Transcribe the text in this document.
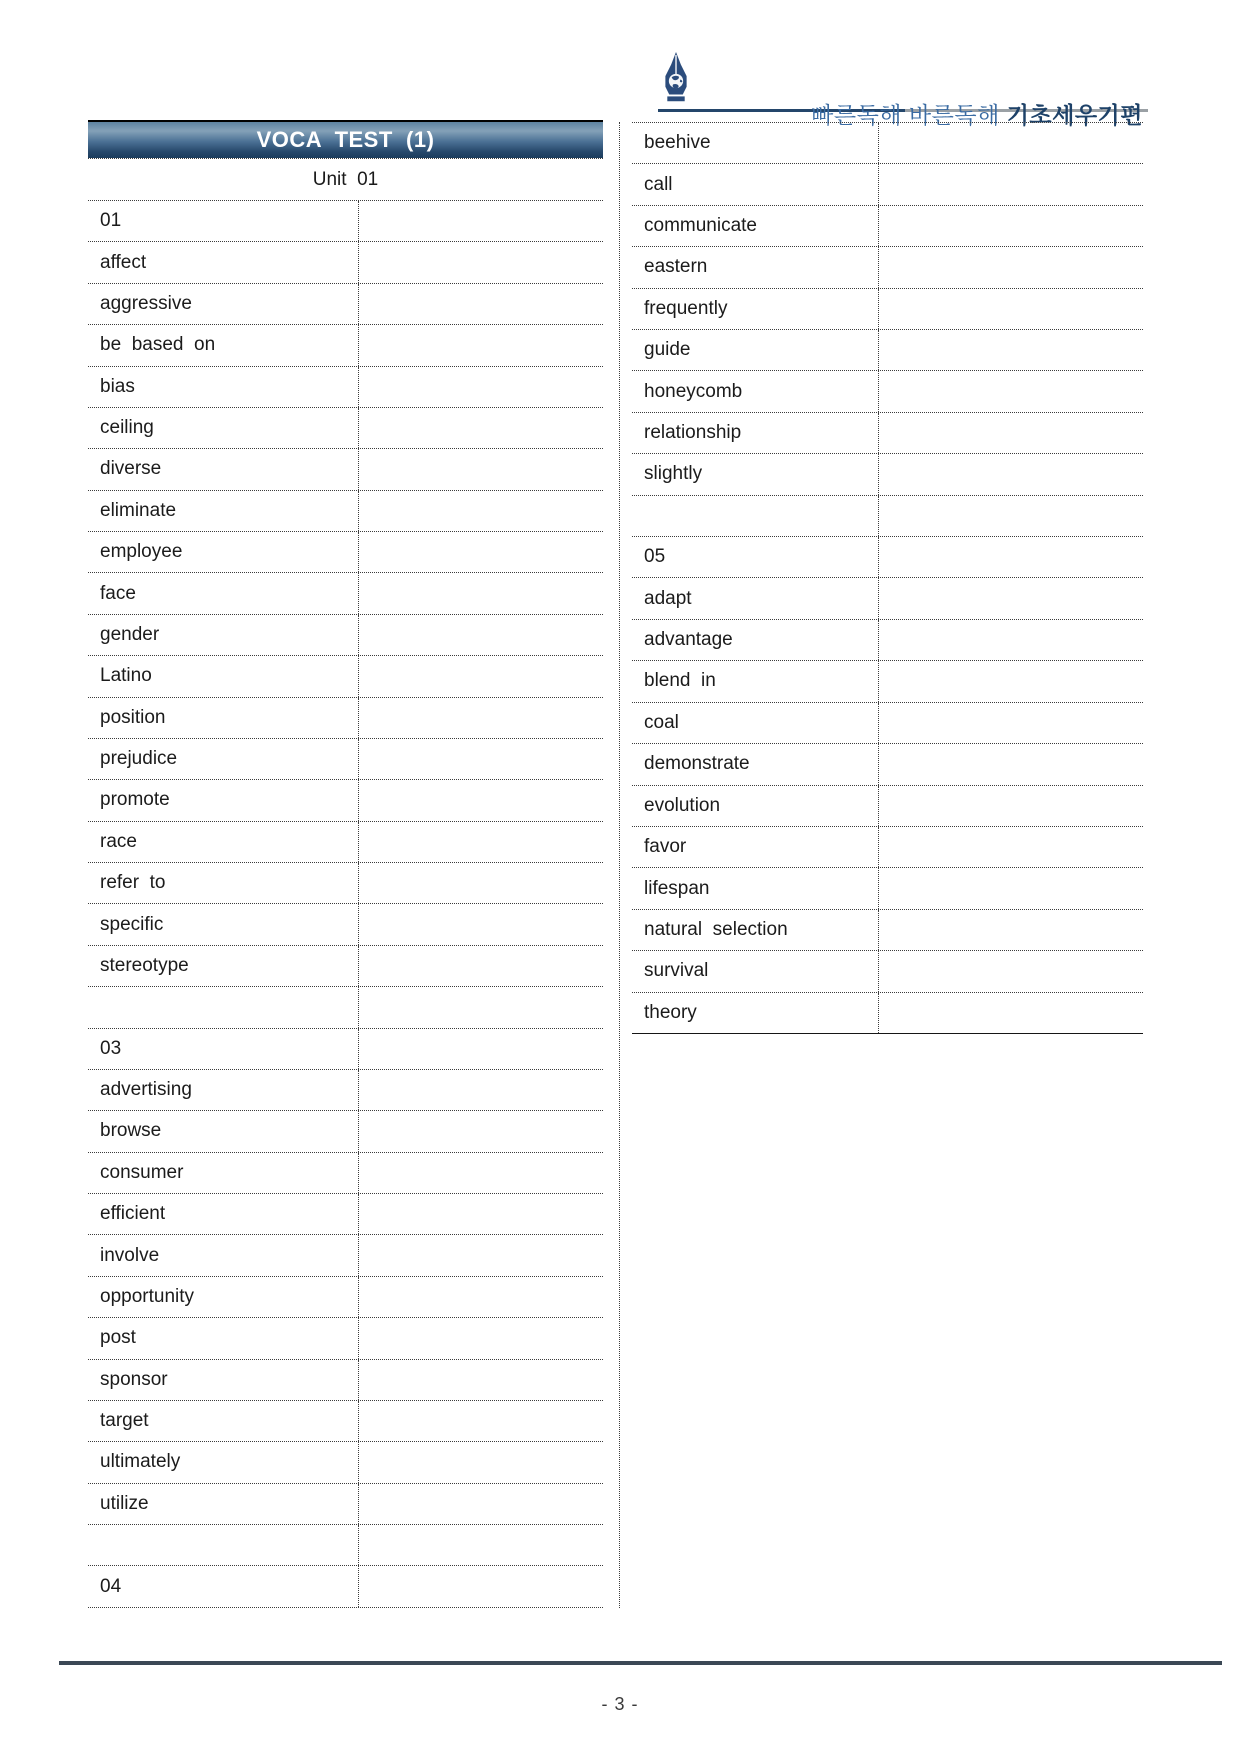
빠른독해 바른독해 기초세우기편

VOCA  TEST  (1)
Unit  01
01
affect
aggressive
be  based  on
bias
ceiling
diverse
eliminate
employee
face
gender
Latino
position
prejudice
promote
race
refer  to
specific
stereotype
03
advertising
browse
consumer
efficient
involve
opportunity
post
sponsor
target
ultimately
utilize
04
beehive
call
communicate
eastern
frequently
guide
honeycomb
relationship
slightly
05
adapt
advantage
blend  in
coal
demonstrate
evolution
favor
lifespan
natural  selection
survival
theory
- 3 -
